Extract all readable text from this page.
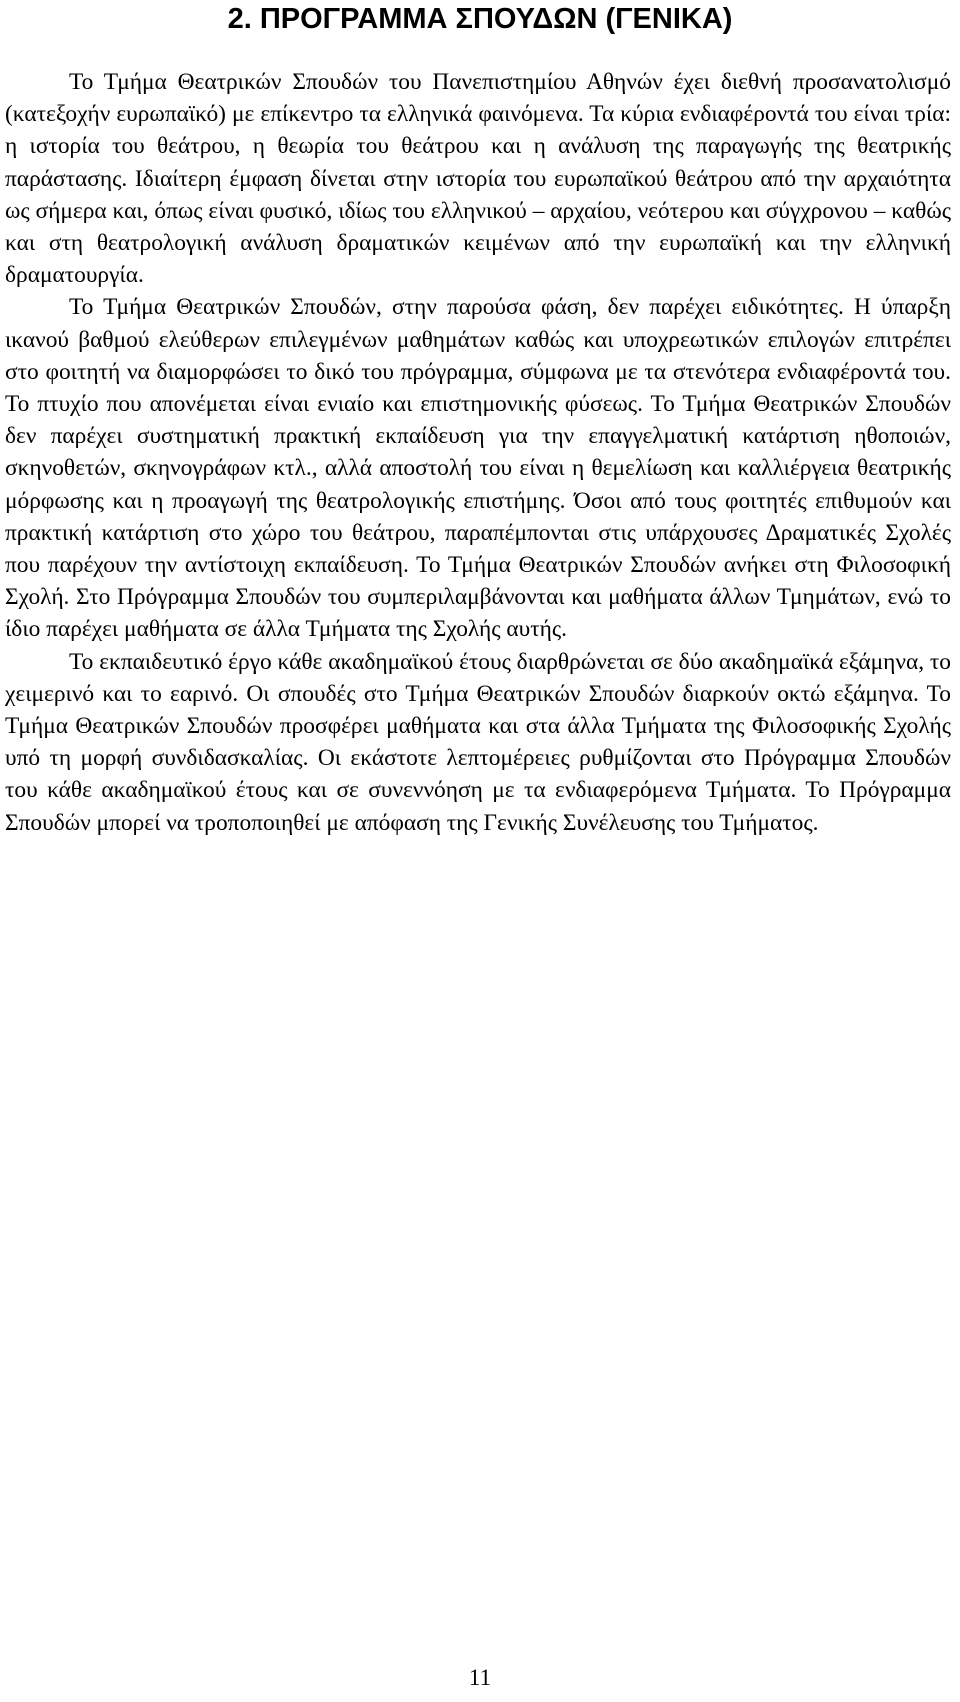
2. ΠΡΟΓΡΑΜΜΑ ΣΠΟΥΔΩΝ (ΓΕΝΙΚΑ)

Το Τμήμα Θεατρικών Σπουδών του Πανεπιστημίου Αθηνών έχει διεθνή προσανατολισμό (κατεξοχήν ευρωπαϊκό) με επίκεντρο τα ελληνικά φαινόμενα. Τα κύρια ενδιαφέροντά του είναι τρία: η ιστορία του θεάτρου, η θεωρία του θεάτρου και η ανάλυση της παραγωγής της θεατρικής παράστασης. Ιδιαίτερη έμφαση δίνεται στην ιστορία του ευρωπαϊκού θεάτρου από την αρχαιότητα ως σήμερα και, όπως είναι φυσικό, ιδίως του ελληνικού – αρχαίου, νεότερου και σύγχρονου – καθώς και στη θεατρολογική ανάλυση δραματικών κειμένων από την ευρωπαϊκή και την ελληνική δραματουργία.

Το Τμήμα Θεατρικών Σπουδών, στην παρούσα φάση, δεν παρέχει ειδικότητες. Η ύπαρξη ικανού βαθμού ελεύθερων επιλεγμένων μαθημάτων καθώς και υποχρεωτικών επιλογών επιτρέπει στο φοιτητή να διαμορφώσει το δικό του πρόγραμμα, σύμφωνα με τα στενότερα ενδιαφέροντά του. Το πτυχίο που απονέμεται είναι ενιαίο και επιστημονικής φύσεως. Το Τμήμα Θεατρικών Σπουδών δεν παρέχει συστηματική πρακτική εκπαίδευση για την επαγγελματική κατάρτιση ηθοποιών, σκηνοθετών, σκηνογράφων κτλ., αλλά αποστολή του είναι η θεμελίωση και καλλιέργεια θεατρικής μόρφωσης και η προαγωγή της θεατρολογικής επιστήμης. Όσοι από τους φοιτητές επιθυμούν και πρακτική κατάρτιση στο χώρο του θεάτρου, παραπέμπονται στις υπάρχουσες Δραματικές Σχολές που παρέχουν την αντίστοιχη εκπαίδευση. Το Τμήμα Θεατρικών Σπουδών ανήκει στη Φιλοσοφική Σχολή. Στο Πρόγραμμα Σπουδών του συμπεριλαμβάνονται και μαθήματα άλλων Τμημάτων, ενώ το ίδιο παρέχει μαθήματα σε άλλα Τμήματα της Σχολής αυτής.

Το εκπαιδευτικό έργο κάθε ακαδημαϊκού έτους διαρθρώνεται σε δύο ακαδημαϊκά εξάμηνα, το χειμερινό και το εαρινό. Οι σπουδές στο Τμήμα Θεατρικών Σπουδών διαρκούν οκτώ εξάμηνα. Το Τμήμα Θεατρικών Σπουδών προσφέρει μαθήματα και στα άλλα Τμήματα της Φιλοσοφικής Σχολής υπό τη μορφή συνδιδασκαλίας. Οι εκάστοτε λεπτομέρειες ρυθμίζονται στο Πρόγραμμα Σπουδών του κάθε ακαδημαϊκού έτους και σε συνεννόηση με τα ενδιαφερόμενα Τμήματα. Το Πρόγραμμα Σπουδών μπορεί να τροποποιηθεί με απόφαση της Γενικής Συνέλευσης του Τμήματος.

11
